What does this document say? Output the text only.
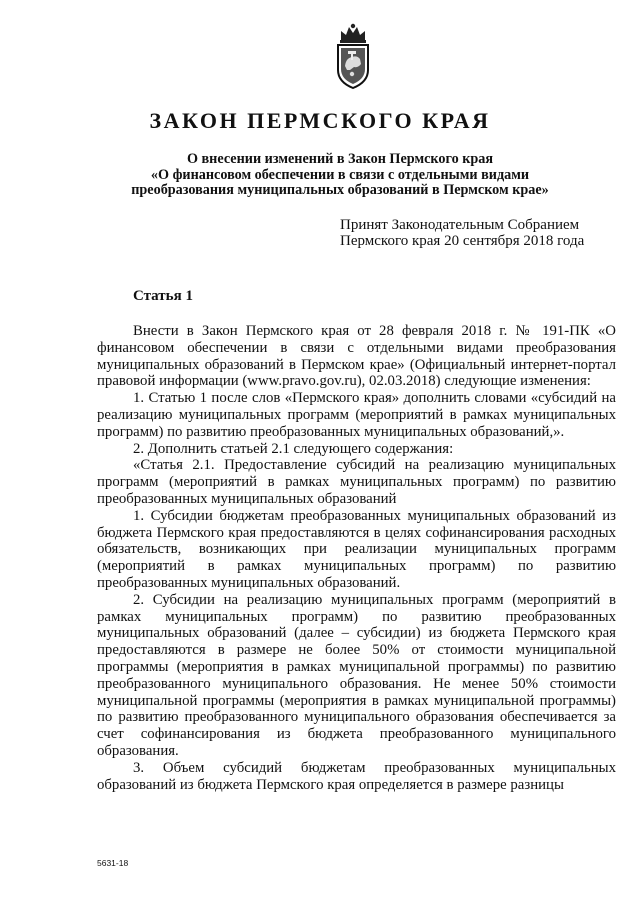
ЗАКОН ПЕРМСКОГО КРАЯ
О внесении изменений в Закон Пермского края
«О финансовом обеспечении в связи с отдельными видами
преобразования муниципальных образований в Пермском крае»
Принят Законодательным Собранием
Пермского края 20 сентября 2018 года
Статья 1

Внести в Закон Пермского края от 28 февраля 2018 г. № 191-ПК «О финансовом обеспечении в связи с отдельными видами преобразования муниципальных образований в Пермском крае» (Официальный интернет-портал правовой информации (www.pravo.gov.ru), 02.03.2018) следующие изменения:

1. Статью 1 после слов «Пермского края» дополнить словами «субсидий на реализацию муниципальных программ (мероприятий в рамках муниципальных программ) по развитию преобразованных муниципальных образований,».

2. Дополнить статьей 2.1 следующего содержания:

«Статья 2.1. Предоставление субсидий на реализацию муниципальных программ (мероприятий в рамках муниципальных программ) по развитию преобразованных муниципальных образований

1. Субсидии бюджетам преобразованных муниципальных образований из бюджета Пермского края предоставляются в целях софинансирования расходных обязательств, возникающих при реализации муниципальных программ (мероприятий в рамках муниципальных программ) по развитию преобразованных муниципальных образований.

2. Субсидии на реализацию муниципальных программ (мероприятий в рамках муниципальных программ) по развитию преобразованных муниципальных образований (далее – субсидии) из бюджета Пермского края предоставляются в размере не более 50% от стоимости муниципальной программы (мероприятия в рамках муниципальной программы) по развитию преобразованного муниципального образования. Не менее 50% стоимости муниципальной программы (мероприятия в рамках муниципальной программы) по развитию преобразованного муниципального образования обеспечивается за счет софинансирования из бюджета преобразованного муниципального образования.

3. Объем субсидий бюджетам преобразованных муниципальных образований из бюджета Пермского края определяется в размере разницы

5631-18
